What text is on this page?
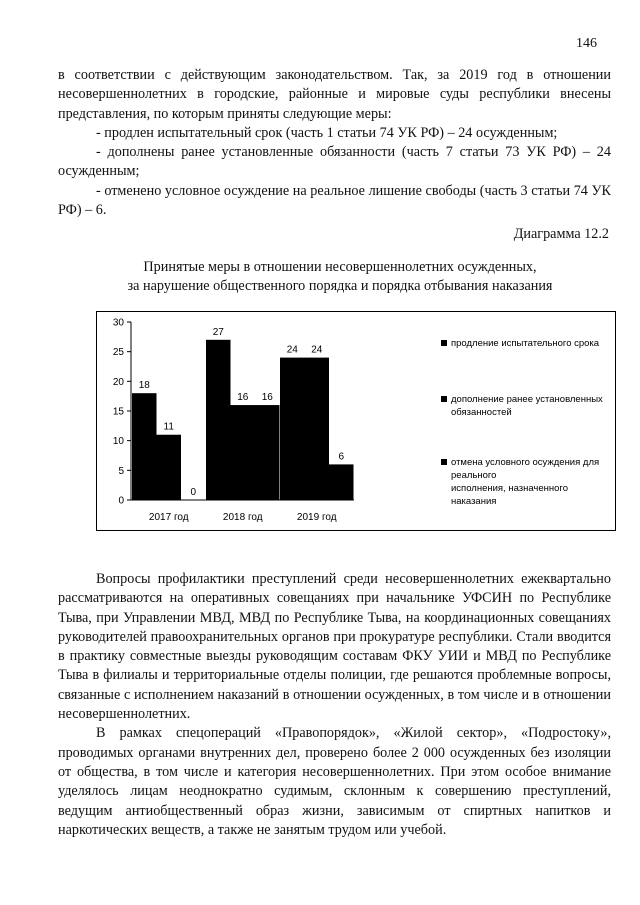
146

в соответствии с действующим законодательством. Так, за 2019 год в отношении несовершеннолетних в городские, районные и мировые суды республики внесены представления, по которым приняты следующие меры:

- продлен испытательный срок (часть 1 статьи 74 УК РФ) – 24 осужденным;

- дополнены ранее установленные обязанности (часть 7 статьи 73 УК РФ) – 24 осужденным;

- отменено условное осуждение на реальное лишение свободы (часть 3 статьи 74 УК РФ) – 6.

Диаграмма 12.2
Принятые меры в отношении несовершеннолетних осужденных,
за нарушение общественного порядка и порядка отбывания наказания
0
5
10
15
20
25
30
18
11
0
2017 год
27
16 16
2018 год
24 24
6
2019 год
продление испытательного срока
дополнение ранее установленных
обязанностей
отмена условного осуждения для
реального
исполнения, назначенного
наказания

Вопросы профилактики преступлений среди несовершеннолетних ежеквартально рассматриваются на оперативных совещаниях при начальнике УФСИН по Республике Тыва, при Управлении МВД, МВД по Республике Тыва, на координационных совещаниях руководителей правоохранительных органов при прокуратуре республики. Стали вводится в практику совместные выезды руководящим составам ФКУ УИИ и МВД по Республике Тыва в филиалы и территориальные отделы полиции, где решаются проблемные вопросы, связанные с исполнением наказаний в отношении осужденных, в том числе и в отношении несовершеннолетних.

В рамках спецопераций «Правопорядок», «Жилой сектор», «Подростоку», проводимых органами внутренних дел, проверено более 2 000 осужденных без изоляции от общества, в том числе и категория несовершеннолетних. При этом особое внимание уделялось лицам неоднократно судимым, склонным к совершению преступлений, ведущим антиобщественный образ жизни, зависимым от спиртных напитков и наркотических веществ, а также не занятым трудом или учебой.
